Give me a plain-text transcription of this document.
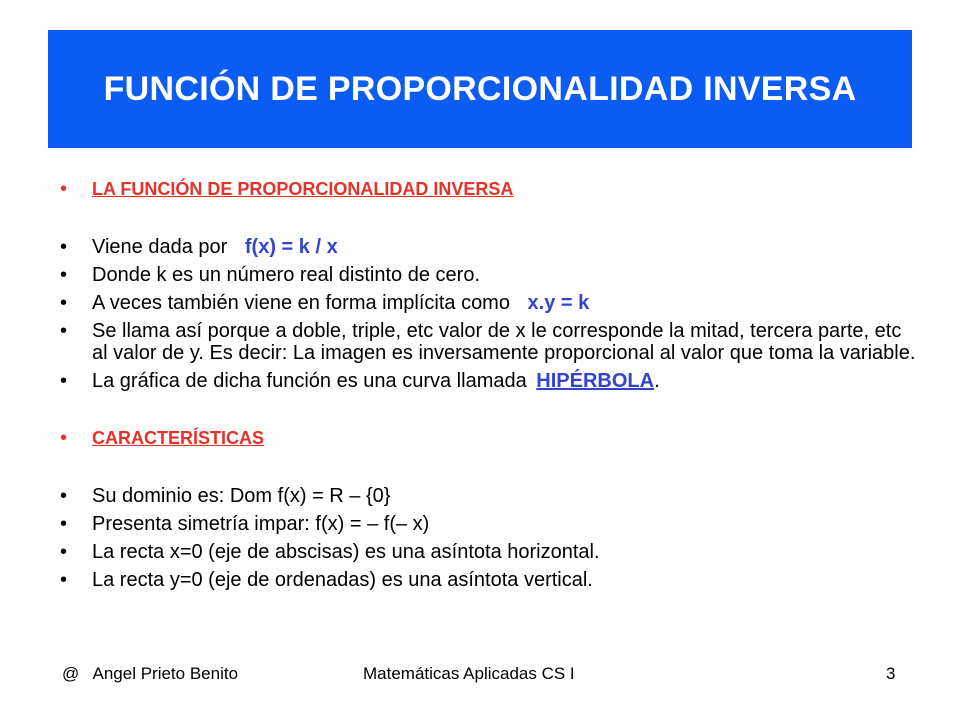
FUNCIÓN DE PROPORCIONALIDAD INVERSA
• LA FUNCIÓN DE PROPORCIONALIDAD INVERSA
• Viene dada por f(x) = k / x
• Donde k es un número real distinto de cero.
• A veces también viene en forma implícita como x.y = k
• Se llama así porque a doble, triple, etc valor de x le corresponde la mitad, tercera parte, etc al valor de y. Es decir: La imagen es inversamente proporcional al valor que toma la variable.
• La gráfica de dicha función es una curva llamada HIPÉRBOLA.
• CARACTERÍSTICAS
• Su dominio es: Dom f(x) = R – {0}
• Presenta simetría impar: f(x) = – f(– x)
• La recta x=0 (eje de abscisas) es una asíntota horizontal.
• La recta y=0 (eje de ordenadas) es una asíntota vertical.
@   Angel Prieto Benito	Matemáticas Aplicadas CS I	3
